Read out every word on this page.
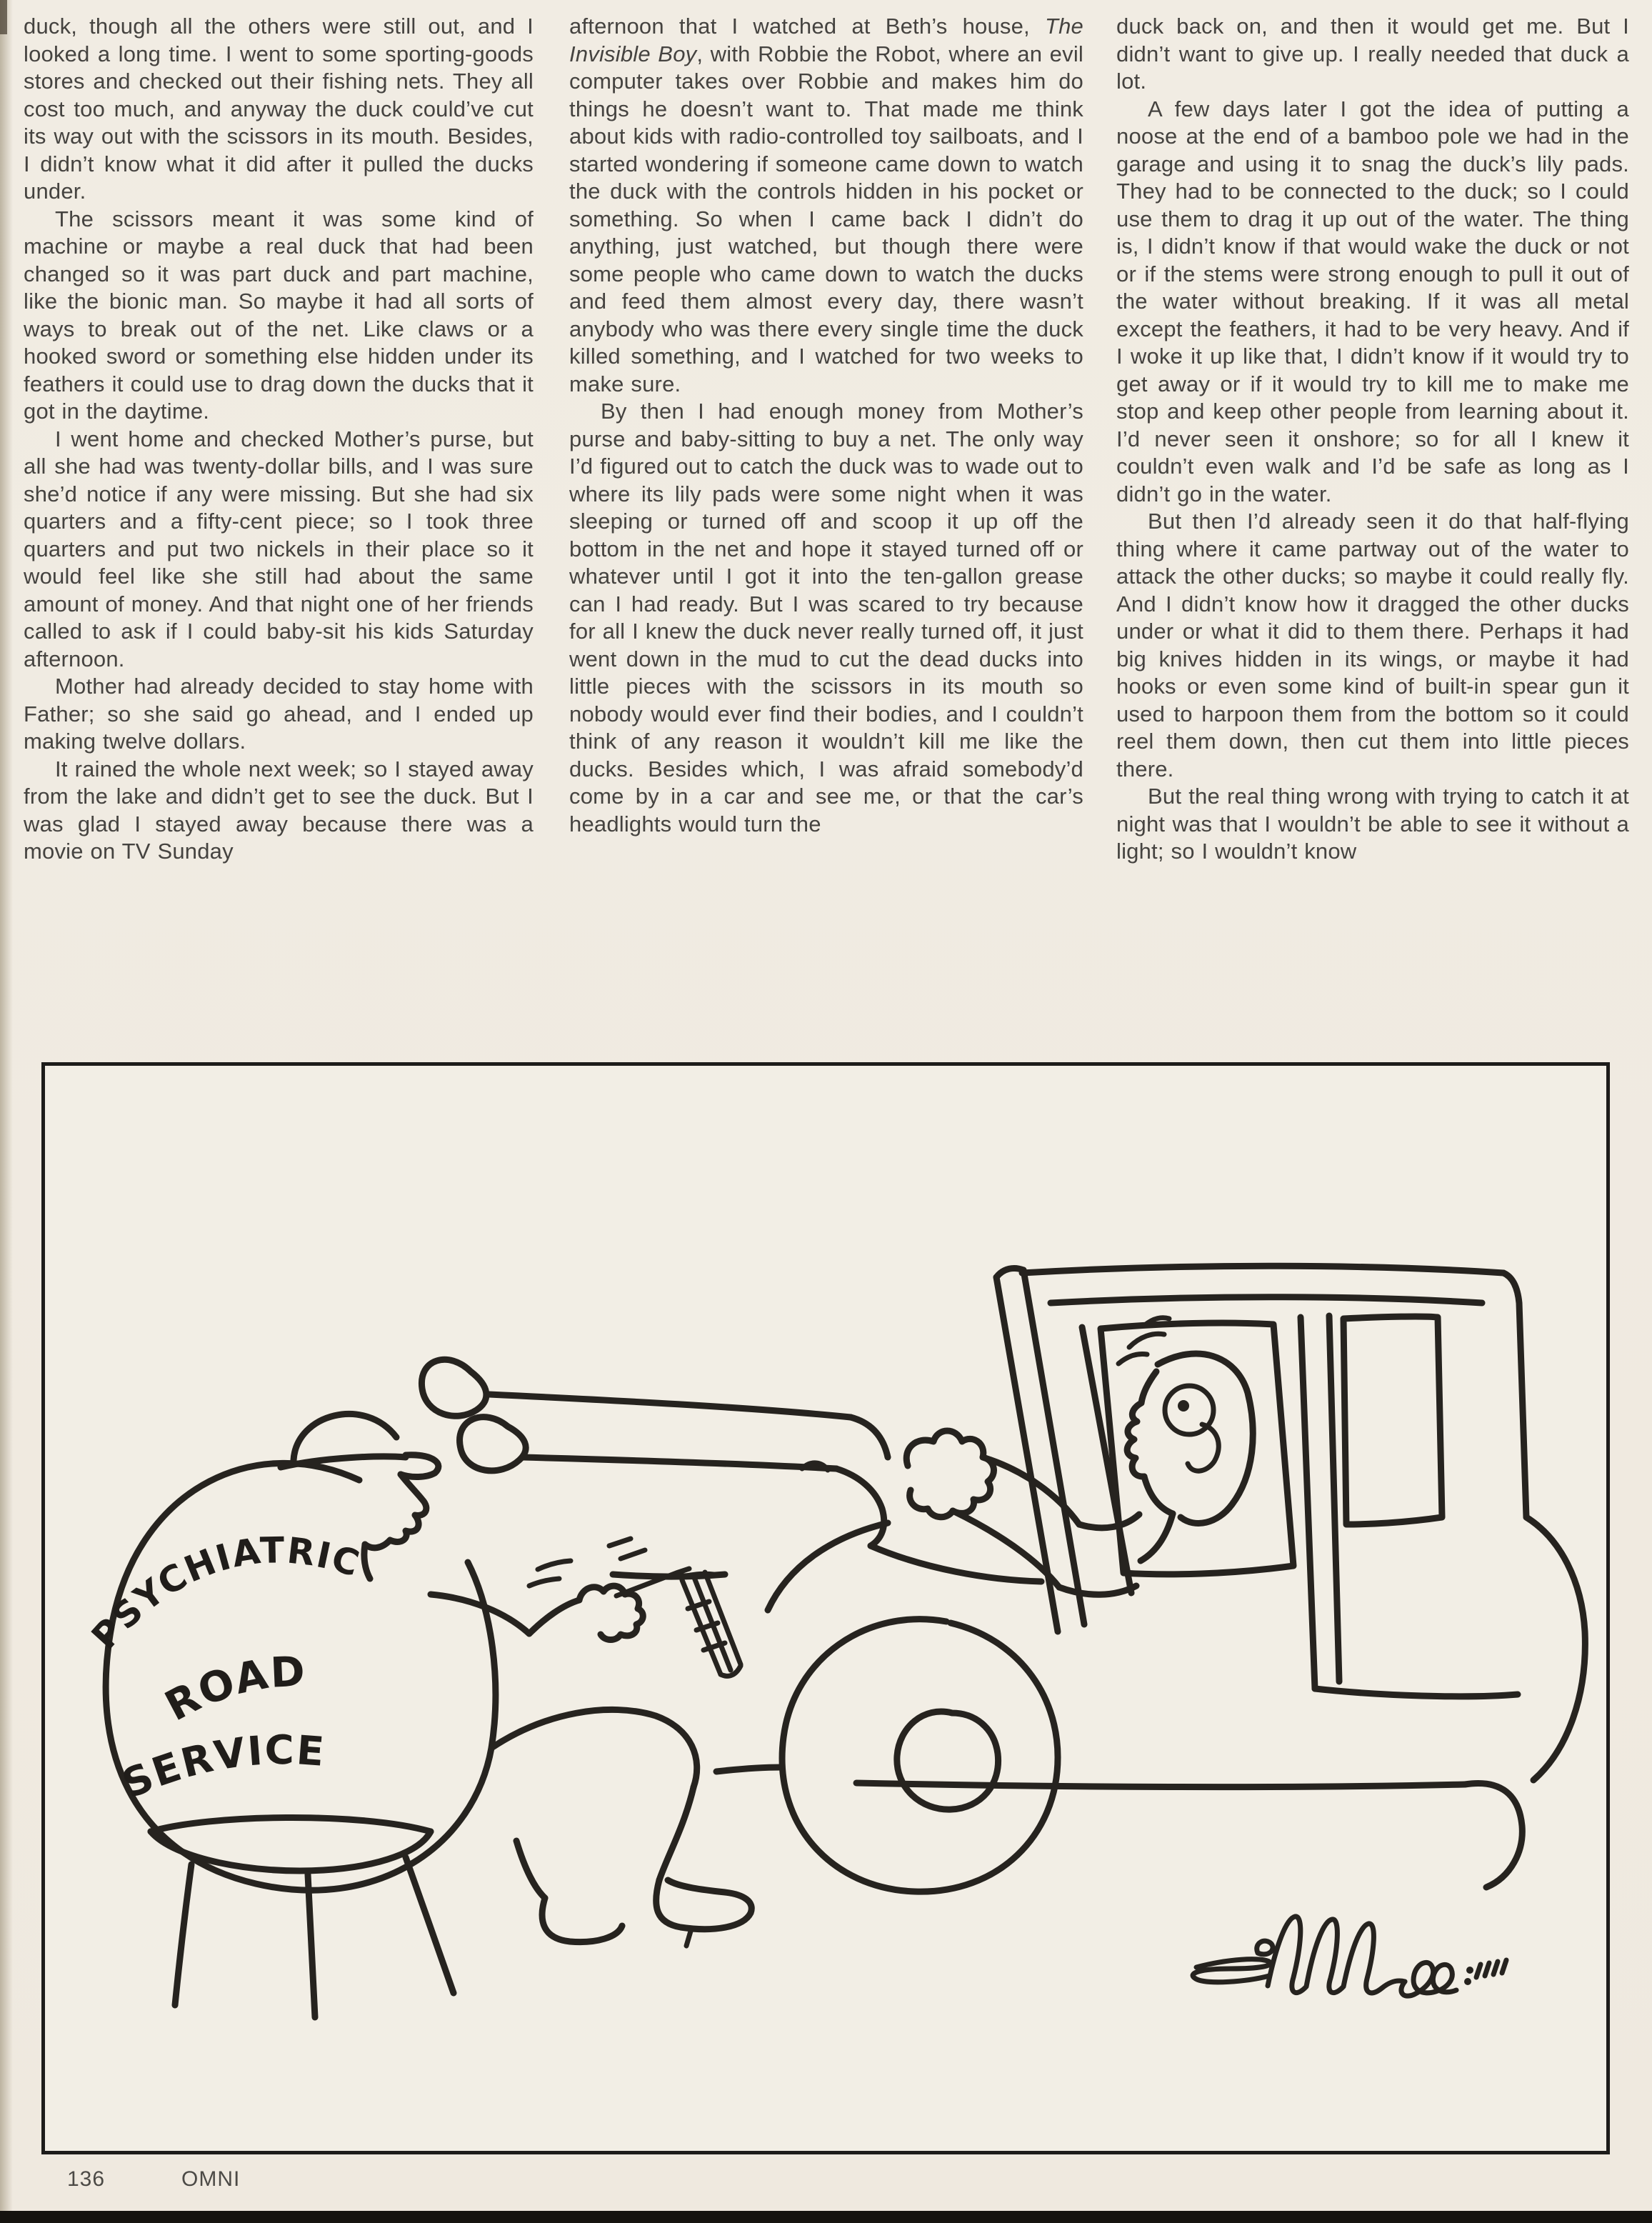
duck, though all the others were still out, and I looked a long time. I went to some sporting-goods stores and checked out their fishing nets. They all cost too much, and anyway the duck could’ve cut its way out with the scissors in its mouth. Besides, I didn’t know what it did after it pulled the ducks under.

The scissors meant it was some kind of machine or maybe a real duck that had been changed so it was part duck and part machine, like the bionic man. So maybe it had all sorts of ways to break out of the net. Like claws or a hooked sword or something else hidden under its feathers it could use to drag down the ducks that it got in the daytime.

I went home and checked Mother’s purse, but all she had was twenty-dollar bills, and I was sure she’d notice if any were missing. But she had six quarters and a fifty-cent piece; so I took three quarters and put two nickels in their place so it would feel like she still had about the same amount of money. And that night one of her friends called to ask if I could baby-sit his kids Saturday afternoon.

Mother had already decided to stay home with Father; so she said go ahead, and I ended up making twelve dollars.

It rained the whole next week; so I stayed away from the lake and didn’t get to see the duck. But I was glad I stayed away because there was a movie on TV Sunday

afternoon that I watched at Beth’s house, The Invisible Boy, with Robbie the Robot, where an evil computer takes over Robbie and makes him do things he doesn’t want to. That made me think about kids with radio-controlled toy sailboats, and I started wondering if someone came down to watch the duck with the controls hidden in his pocket or something. So when I came back I didn’t do anything, just watched, but though there were some people who came down to watch the ducks and feed them almost every day, there wasn’t anybody who was there every single time the duck killed something, and I watched for two weeks to make sure.

By then I had enough money from Mother’s purse and baby-sitting to buy a net. The only way I’d figured out to catch the duck was to wade out to where its lily pads were some night when it was sleeping or turned off and scoop it up off the bottom in the net and hope it stayed turned off or whatever until I got it into the ten-gallon grease can I had ready. But I was scared to try because for all I knew the duck never really turned off, it just went down in the mud to cut the dead ducks into little pieces with the scissors in its mouth so nobody would ever find their bodies, and I couldn’t think of any reason it wouldn’t kill me like the ducks. Besides which, I was afraid somebody’d come by in a car and see me, or that the car’s headlights would turn the

duck back on, and then it would get me. But I didn’t want to give up. I really needed that duck a lot.

A few days later I got the idea of putting a noose at the end of a bamboo pole we had in the garage and using it to snag the duck’s lily pads. They had to be connected to the duck; so I could use them to drag it up out of the water. The thing is, I didn’t know if that would wake the duck or not or if the stems were strong enough to pull it out of the water without breaking. If it was all metal except the feathers, it had to be very heavy. And if I woke it up like that, I didn’t know if it would try to get away or if it would try to kill me to make me stop and keep other people from learning about it. I’d never seen it onshore; so for all I knew it couldn’t even walk and I’d be safe as long as I didn’t go in the water.

But then I’d already seen it do that half-flying thing where it came partway out of the water to attack the other ducks; so maybe it could really fly. And I didn’t know how it dragged the other ducks under or what it did to them there. Perhaps it had big knives hidden in its wings, or maybe it had hooks or even some kind of built-in spear gun it used to harpoon them from the bottom so it could reel them down, then cut them into little pieces there.

But the real thing wrong with trying to catch it at night was that I wouldn’t be able to see it without a light; so I wouldn’t know

PSYCHIATRIC
ROAD
SERVICE
136	OMNI
